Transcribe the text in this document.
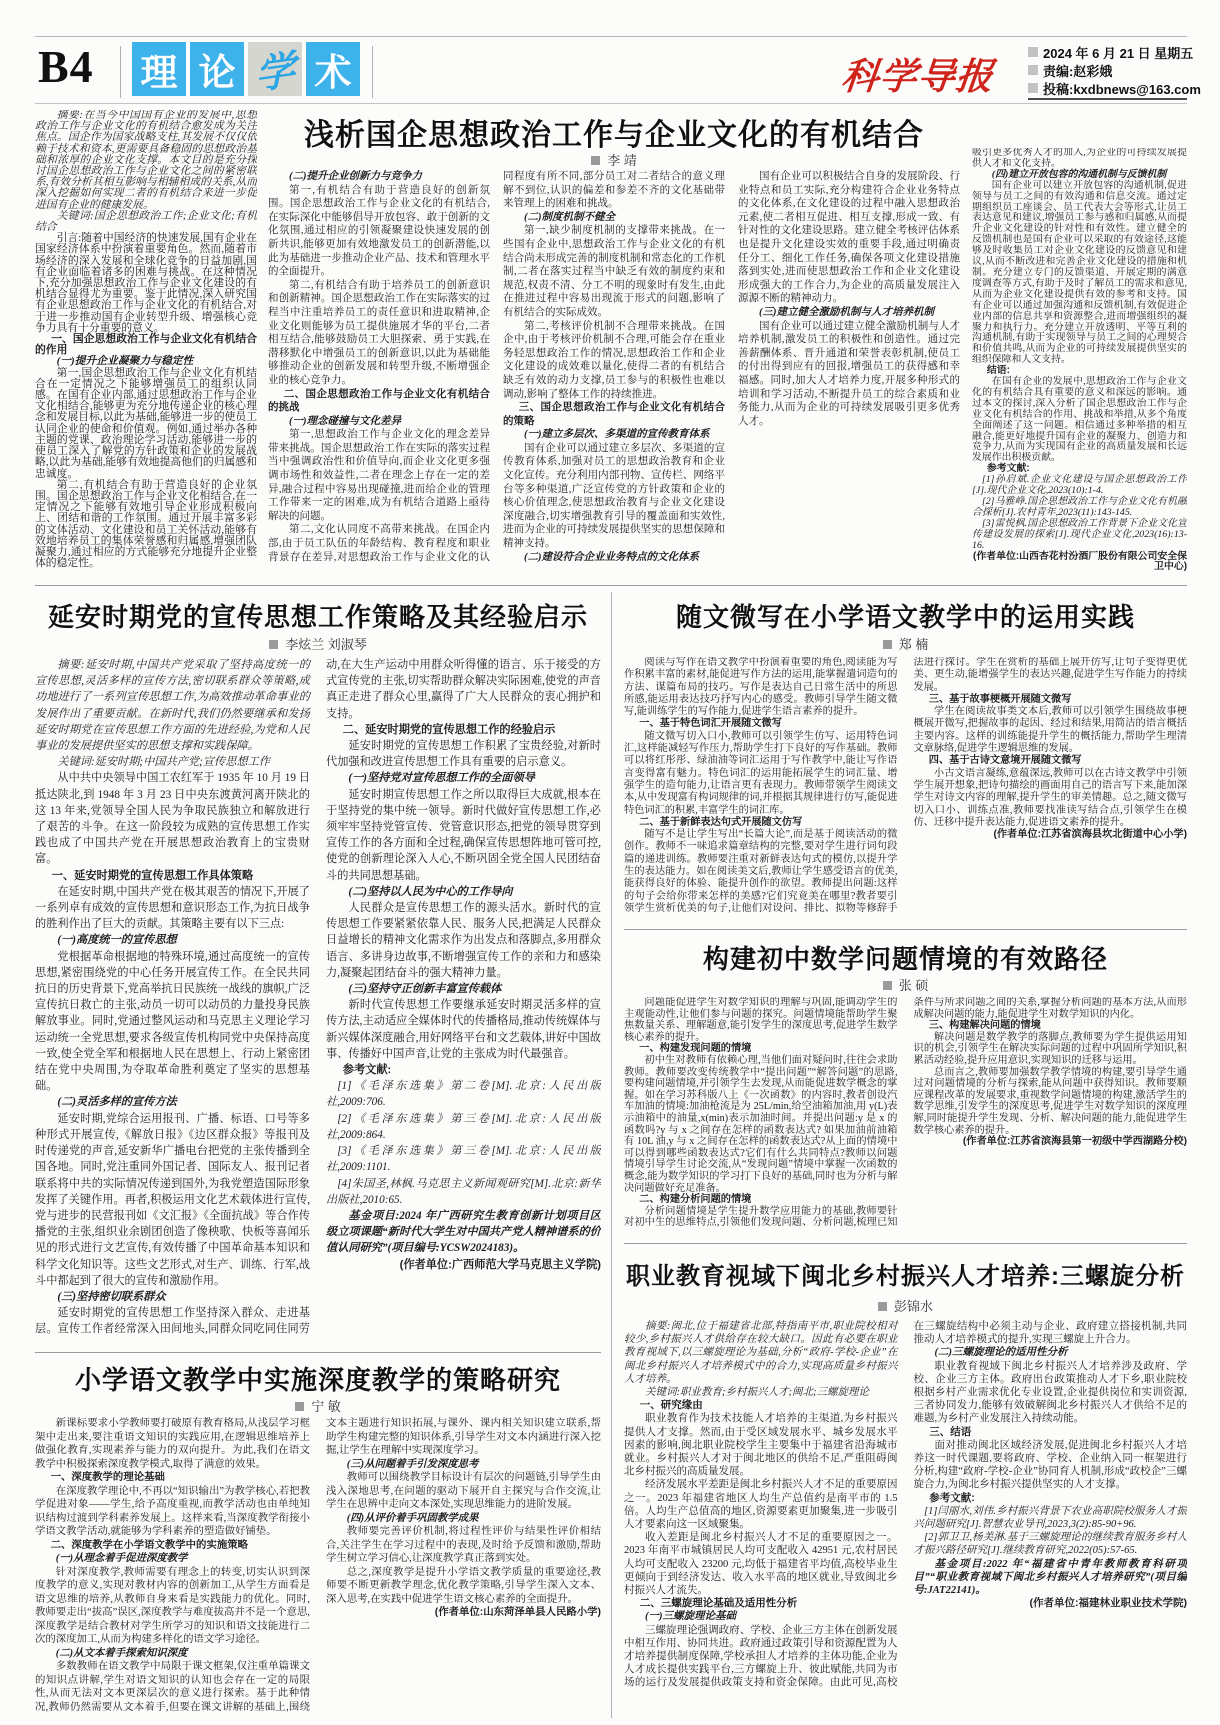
B4 理 论 学 术	科学导报
2024 年 6 月 21 日 星期五
责编:赵彩娥
投稿:kxdbnews@163.com

摘要:在当今中国国有企业的发展中,思想政治工作与企业文化的有机结合愈发成为关注焦点。国企作为国家战略支柱,其发展不仅仅依赖于技术和资本,更需要具备稳固的思想政治基础和浓厚的企业文化支撑。本文目的是充分探讨国企思想政治工作与企业文化之间的紧密联系,有效分析其相互影响与相辅相成的关系,从而深入挖掘如何实现二者的有机结合来进一步促进国有企业的健康发展。

关键词:国企思想政治工作;企业文化;有机结合

引言:随着中国经济的快速发展,国有企业在国家经济体系中扮演着重要角色。然而,随着市场经济的深入发展和全球化竞争的日益加剧,国有企业面临着诸多的困难与挑战。在这种情况下,充分加强思想政治工作与企业文化建设的有机结合显得尤为重要。鉴于此情况,深入研究国有企业思想政治工作与企业文化的有机结合,对于进一步推动国有企业转型升级、增强核心竞争力具有十分重要的意义。

一、国企思想政治工作与企业文化有机结合的作用

(一)提升企业凝聚力与稳定性

第一,国企思想政治工作与企业文化有机结合在一定情况之下能够增强员工的组织认同感。在国有企业内部,通过思想政治工作与企业文化相结合,能够更为充分地传递企业的核心理念和发展目标,以此为基础,能够进一步的使员工认同企业的使命和价值观。例如,通过举办各种主题的党课、政治理论学习活动,能够进一步的使员工深入了解党的方针政策和企业的发展战略,以此为基础,能够有效地提高他们的归属感和忠诚度。

第二,有机结合有助于营造良好的企业氛围。国企思想政治工作与企业文化相结合,在一定情况之下能够有效地引导企业形成积极向上、团结和谐的工作氛围。通过开展丰富多彩的文体活动、文化建设和员工关怀活动,能够有效地培养员工的集体荣誉感和归属感,增强团队凝聚力,通过相应的方式能够充分地提升企业整体的稳定性。

浅析国企思想政治工作与企业文化的有机结合
李 靖

(二)提升企业创新力与竞争力

第一,有机结合有助于营造良好的创新氛围。国企思想政治工作与企业文化的有机结合,在实际深化中能够倡导开放包容、敢于创新的文化氛围,通过相应的引领凝聚建设快速发展的创新共识,能够更加有效地激发员工的创新潜能,以此为基础进一步推动企业产品、技术和管理水平的全面提升。

第二,有机结合有助于培养员工的创新意识和创新精神。国企思想政治工作在实际落实的过程当中注重培养员工的责任意识和进取精神,企业文化则能够为员工提供施展才华的平台,二者相互结合,能够鼓励员工大胆探索、勇于实践,在潜移默化中增强员工的创新意识,以此为基础能够推动企业的创新发展和转型升级,不断增强企业的核心竞争力。

二、国企思想政治工作与企业文化有机结合的挑战

(一)理念碰撞与文化差异

第一,思想政治工作与企业文化的理念差异带来挑战。国企思想政治工作在实际的落实过程当中强调政治性和价值导向,而企业文化更多强调市场性和效益性,二者在理念上存在一定的差异,融合过程中容易出现碰撞,进而给企业的管理工作带来一定的困难,成为有机结合道路上亟待解决的问题。

第二,文化认同度不高带来挑战。在国企内部,由于员工队伍的年龄结构、教育程度和职业背景存在差异,对思想政治工作与企业文化的认同程度有所不同,部分员工对二者结合的意义理解不到位,认识的偏差和参差不齐的文化基础带来管理上的困难和挑战。

(二)制度机制不健全

第一,缺少制度机制的支撑带来挑战。在一些国有企业中,思想政治工作与企业文化的有机结合尚未形成完善的制度机制和常态化的工作机制,二者在落实过程当中缺乏有效的制度约束和规范,权责不清、分工不明的现象时有发生,由此在推进过程中容易出现流于形式的问题,影响了有机结合的实际成效。

第二,考核评价机制不合理带来挑战。在国企中,由于考核评价机制不合理,可能会存在重业务轻思想政治工作的情况,思想政治工作和企业文化建设的成效难以量化,使得二者的有机结合缺乏有效的动力支撑,员工参与的积极性也难以调动,影响了整体工作的持续推进。

三、国企思想政治工作与企业文化有机结合的策略

(一)建立多层次、多渠道的宣传教育体系

国有企业可以通过建立多层次、多渠道的宣传教育体系,加强对员工的思想政治教育和企业文化宣传。充分利用内部刊物、宣传栏、网络平台等多种渠道,广泛宣传党的方针政策和企业的核心价值理念,使思想政治教育与企业文化建设深度融合,切实增强教育引导的覆盖面和实效性,进而为企业的可持续发展提供坚实的思想保障和精神支持。

(二)建设符合企业业务特点的文化体系

国有企业可以积极结合自身的发展阶段、行业特点和员工实际,充分构建符合企业业务特点的文化体系,在文化建设的过程中融入思想政治元素,使二者相互促进、相互支撑,形成一致、有针对性的文化建设思路。建立健全考核评估体系也是提升文化建设实效的重要手段,通过明确责任分工、细化工作任务,确保各项文化建设措施落到实处,进而使思想政治工作和企业文化建设形成强大的工作合力,为企业的高质量发展注入源源不断的精神动力。

(三)建立健全激励机制与人才培养机制

国有企业可以通过建立健全激励机制与人才培养机制,激发员工的积极性和创造性。通过完善薪酬体系、晋升通道和荣誉表彰机制,使员工的付出得到应有的回报,增强员工的获得感和幸福感。同时,加大人才培养力度,开展多种形式的培训和学习活动,不断提升员工的综合素质和业务能力,从而为企业的可持续发展吸引更多优秀人才。

吸引更多优秀人才的加入,为企业的可持续发展提供人才和文化支持。

(四)建立开放包容的沟通机制与反馈机制

国有企业可以建立开放包容的沟通机制,促进领导与员工之间的有效沟通和信息交流。通过定期组织员工座谈会、员工代表大会等形式,让员工表达意见和建议,增强员工参与感和归属感,从而提升企业文化建设的针对性和有效性。建立健全的反馈机制也是国有企业可以采取的有效途径,这能够及时收集员工对企业文化建设的反馈意见和建议,从而不断改进和完善企业文化建设的措施和机制。充分建立专门的反馈渠道、开展定期的满意度调查等方式,有助于及时了解员工的需求和意见,从而为企业文化建设提供有效的参考和支持。国有企业可以通过加强沟通和反馈机制,有效促进企业内部的信息共享和资源整合,进而增强组织的凝聚力和执行力。充分建立开放透明、平等互利的沟通机制,有助于实现领导与员工之间的心理契合和价值共鸣,从而为企业的可持续发展提供坚实的组织保障和人文支持。

结语:

在国有企业的发展中,思想政治工作与企业文化的有机结合具有重要的意义和深远的影响。通过本文的探讨,深入分析了国企思想政治工作与企业文化有机结合的作用、挑战和举措,从多个角度全面阐述了这一问题。相信通过多种举措的相互融合,能更好地提升国有企业的凝聚力、创造力和竞争力,从而为实现国有企业的高质量发展和长远发展作出积极贡献。

参考文献:

[1]孙启斌.企业文化建设与国企思想政治工作[J].现代企业文化,2023(10):1-4.

[2]马雅峥.国企思想政治工作与企业文化有机融合探析[J].农村青年,2023(11):143-145.

[3]雷悦枫.国企思想政治工作背景下企业文化宣传建设发展的探索[J].现代企业文化,2023(16):13-16.

(作者单位:山西杏花村汾酒厂股份有限公司安全保卫中心)

延安时期党的宣传思想工作策略及其经验启示
李炫兰 刘淑琴

摘要:延安时期,中国共产党采取了坚持高度统一的宣传思想,灵活多样的宣传方法,密切联系群众等策略,成功地进行了一系列宣传思想工作,为高效推动革命事业的发展作出了重要贡献。在新时代,我们仍然要继承和发扬延安时期党在宣传思想工作方面的先进经验,为党和人民事业的发展提供坚实的思想支撑和实践保障。

关键词:延安时期;中国共产党;宣传思想工作

从中共中央领导中国工农红军于 1935 年 10 月 19 日抵达陕北,到 1948 年 3 月 23 日中央东渡黄河离开陕北的这 13 年来,党领导全国人民为争取民族独立和解放进行了艰苦的斗争。在这一阶段较为成熟的宣传思想工作实践也成了中国共产党在开展思想政治教育上的宝贵财富。

一、延安时期党的宣传思想工作具体策略

在延安时期,中国共产党在极其艰苦的情况下,开展了一系列卓有成效的宣传思想和意识形态工作,为抗日战争的胜利作出了巨大的贡献。其策略主要有以下三点:

(一)高度统一的宣传思想

党根据革命根据地的特殊环境,通过高度统一的宣传思想,紧密围绕党的中心任务开展宣传工作。在全民共同抗日的历史背景下,党高举抗日民族统一战线的旗帜,广泛宣传抗日救亡的主张,动员一切可以动员的力量投身民族解放事业。同时,党通过整风运动和马克思主义理论学习运动统一全党思想,要求各级宣传机构同党中央保持高度一致,使全党全军和根据地人民在思想上、行动上紧密团结在党中央周围,为夺取革命胜利奠定了坚实的思想基础。

(二)灵活多样的宣传方法

延安时期,党综合运用报刊、广播、标语、口号等多种形式开展宣传,《解放日报》《边区群众报》等报刊及时传递党的声音,延安新华广播电台把党的主张传播到全国各地。同时,党注重同外国记者、国际友人、报刊记者联系将中共的实际情况传递到国外,为我党塑造国际形象发挥了关键作用。再者,积极运用文化艺术载体进行宣传,党与进步的民营报刊如《文汇报》《全面抗战》等合作传播党的主张,组织业余剧团创造了像秧歌、快板等喜闻乐见的形式进行文艺宣传,有效传播了中国革命基本知识和科学文化知识等。这些文艺形式,对生产、训练、行军,战斗中都起到了很大的宣传和激励作用。

(三)坚持密切联系群众

延安时期党的宣传思想工作坚持深入群众、走进基层。宣传工作者经常深入田间地头,同群众同吃同住同劳动,在大生产运动中用群众听得懂的语言、乐于接受的方式宣传党的主张,切实帮助群众解决实际困难,使党的声音真正走进了群众心里,赢得了广大人民群众的衷心拥护和支持。

二、延安时期党的宣传思想工作的经验启示

延安时期党的宣传思想工作积累了宝贵经验,对新时代加强和改进宣传思想工作具有重要的启示意义。

(一)坚持党对宣传思想工作的全面领导

延安时期宣传思想工作之所以取得巨大成就,根本在于坚持党的集中统一领导。新时代做好宣传思想工作,必须牢牢坚持党管宣传、党管意识形态,把党的领导贯穿到宣传工作的各方面和全过程,确保宣传思想阵地可管可控,使党的创新理论深入人心,不断巩固全党全国人民团结奋斗的共同思想基础。

(二)坚持以人民为中心的工作导向

人民群众是宣传思想工作的源头活水。新时代的宣传思想工作要紧紧依靠人民、服务人民,把满足人民群众日益增长的精神文化需求作为出发点和落脚点,多用群众语言、多讲身边故事,不断增强宣传工作的亲和力和感染力,凝聚起团结奋斗的强大精神力量。

(三)坚持守正创新丰富宣传载体

新时代宣传思想工作要继承延安时期灵活多样的宣传方法,主动适应全媒体时代的传播格局,推动传统媒体与新兴媒体深度融合,用好网络平台和文艺载体,讲好中国故事、传播好中国声音,让党的主张成为时代最强音。

参考文献:

[1]《毛泽东选集》第二卷[M].北京:人民出版社,2009:706.

[2]《毛泽东选集》第三卷[M].北京:人民出版社,2009:864.

[3]《毛泽东选集》第三卷[M].北京:人民出版社,2009:1101.

[4]朱国圣,林枫.马克思主义新闻观研究[M].北京:新华出版社,2010:65.

基金项目:2024 年广西研究生教育创新计划项目区级立项课题“新时代大学生对中国共产党人精神谱系的价值认同研究”(项目编号:YCSW2024183)。

(作者单位:广西师范大学马克思主义学院)

小学语文教学中实施深度教学的策略研究
宁 敏

新课标要求小学教师要打破原有教育格局,从浅层学习框架中走出来,要注重语文知识的实践应用,在逻辑思维培养上做强化教育,实现素养与能力的双向提升。为此,我们在语文教学中积极探索深度教学模式,取得了满意的效果。

一、深度教学的理论基础

在深度教学理论中,不再以“知识输出”为教学核心,若把教学促进对象——学生,给予高度重视,而教学活动也由单纯知识结构过渡到学科素养发展上。这样来看,当深度教学衔接小学语文教学活动,就能够为学科素养的塑造做好铺垫。

二、深度教学在小学语文教学中的实施策略

(一)从理念着手促进深度教学

针对深度教学,教师需要有理念上的转变,切实认识到深度教学的意义,实现对教材内容的创新加工,从学生方面看是语文思维的培养,从教师自身来看是实践能力的优化。同时,教师要走出“拔高”误区,深度教学与难度拔高并不是一个意思,深度教学是结合教材对学生所学习的知识和语文技能进行二次的深度加工,从而为构建多样化的语文学习途径。

(二)从文本着手探索知识深度

多数教师在语文教学中局限于课文框架,仅注重单篇课文的知识点讲解,学生对语文知识的认知也会存在一定的局限性,从而无法对文本更深层次的意义进行探索。基于此种情况,教师仍然需要从文本着手,但要在课文讲解的基础上,围绕文本主题进行知识拓展,与课外、课内相关知识建立联系,帮助学生构建完整的知识体系,引导学生对文本内涵进行深入挖掘,让学生在理解中实现深度学习。

(三)从问题着手引发深度思考

教师可以围绕教学目标设计有层次的问题链,引导学生由浅入深地思考,在问题的驱动下展开自主探究与合作交流,让学生在思辨中走向文本深处,实现思维能力的进阶发展。

(四)从评价着手巩固教学成果

教师要完善评价机制,将过程性评价与结果性评价相结合,关注学生在学习过程中的表现,及时给予反馈和激励,帮助学生树立学习信心,让深度教学真正落到实处。

总之,深度教学是提升小学语文教学质量的重要途径,教师要不断更新教学理念,优化教学策略,引导学生深入文本、深入思考,在实践中促进学生语文核心素养的全面提升。

(作者单位:山东菏泽单县人民路小学)

随文微写在小学语文教学中的运用实践
郑 楠

阅读与写作在语文教学中扮演着重要的角色,阅读能为写作积累丰富的素材,能促进写作方法的运用,能掌握遣词造句的方法、谋篇布局的技巧。写作是表达自己日常生活中的所思所感,能运用表达技巧抒写内心的感受。教师引导学生随文微写,能训练学生的写作能力,促进学生语言素养的提升。

一、基于特色词汇开展随文微写

随文微写切入口小,教师可以引领学生仿写、运用特色词汇,这样能减轻写作压力,帮助学生打下良好的写作基础。教师可以将红彤彤、绿油油等词汇运用于写作教学中,能让写作语言变得富有魅力。特色词汇的运用能拓展学生的词汇量、增强学生的造句能力,让语言更有表现力。教师带领学生阅读文本,从中发现富有构词规律的词,并根据其规律进行仿写,能促进特色词汇的积累,丰富学生的词汇库。

二、基于新鲜表达句式开展随文仿写

随写不是让学生写出“长篇大论”,而是基于阅读活动的微创作。教师不一味追求篇章结构的完整,要对学生进行词句段篇的递进训练。教师要注重对新鲜表达句式的模仿,以提升学生的表达能力。如在阅读美文后,教师让学生感受语言的优美,能获得良好的体验、能提升创作的欲望。教师提出问题:这样的句子会给你带来怎样的美感?它们究竟美在哪里?教者要引领学生赏析优美的句子,让他们对设问、排比、拟物等修辞手法进行探讨。学生在赏析的基础上展开仿写,让句子变得更优美、更生动,能增强学生的表达兴趣,促进学生写作能力的持续发展。

三、基于故事梗概开展随文微写

学生在阅读故事类文本后,教师可以引领学生围绕故事梗概展开微写,把握故事的起因、经过和结果,用简洁的语言概括主要内容。这样的训练能提升学生的概括能力,帮助学生理清文章脉络,促进学生逻辑思维的发展。

四、基于古诗文意境开展随文微写

小古文语言凝练,意蕴深远,教师可以在古诗文教学中引领学生展开想象,把诗句描绘的画面用自己的语言写下来,能加深学生对诗文内容的理解,提升学生的审美情趣。总之,随文微写切入口小、训练点准,教师要找准读写结合点,引领学生在模仿、迁移中提升表达能力,促进语文素养的提升。

(作者单位:江苏省滨海县坎北街道中心小学)

构建初中数学问题情境的有效路径
张 硕

问题能促进学生对数学知识的理解与巩固,能调动学生的主观能动性,让他们参与问题的探究。问题情境能帮助学生聚焦数量关系、理解题意,能引发学生的深度思考,促进学生数学核心素养的提升。

一、构建发现问题的情境

初中生对教师有依赖心理,当他们面对疑问时,往往会求助教师。教师要改变传统教学中“提出问题”“解答问题”的思路,要构建问题情境,并引领学生去发现,从而能促进数学概念的掌握。如在学习苏科版八上《一次函数》的内容时,教者创设汽车加油的情境:加油枪流是为 25L/min,给空油箱加油,用 y(L)表示油箱中的油量,x(min)表示加油时间。并提出问题:y 是 x 的函数吗?y 与 x 之间存在怎样的函数表达式? 如果加油前油箱有 10L 油,y 与 x 之间存在怎样的函数表达式?从上面的情境中可以得到哪些函数表达式?它们有什么共同特点?教师以问题情境引导学生讨论交流,从“发现问题”情境中掌握一次函数的概念,能为数学知识的学习打下良好的基础,同时也为分析与解决问题做好充足准备。

二、构建分析问题的情境

分析问题情境是学生提升数学应用能力的基础,教师要针对初中生的思维特点,引领他们发现问题、分析问题,梳理已知条件与所求问题之间的关系,掌握分析问题的基本方法,从而形成解决问题的能力,能促进学生对数学知识的内化。

三、构建解决问题的情境

解决问题是数学教学的落脚点,教师要为学生提供运用知识的机会,引领学生在解决实际问题的过程中巩固所学知识,积累活动经验,提升应用意识,实现知识的迁移与运用。

总而言之,教师要加强数学教学情境的构建,要引导学生通过对问题情境的分析与探索,能从问题中获得知识。教师要顺应课程改革的发展要求,重视数学问题情境的构建,激活学生的数学思维,引发学生的深度思考,促进学生对数学知识的深度理解,同时能提升学生发现、分析、解决问题的能力,能促进学生数学核心素养的提升。

(作者单位:江苏省滨海县第一初级中学西湖路分校)

职业教育视域下闽北乡村振兴人才培养:三螺旋分析
彭锦水

摘要:闽北,位于福建省北部,特指南平市,职业院校相对较少,乡村振兴人才供给存在较大缺口。因此有必要在职业教育视域下,以三螺旋理论为基础,分析“政府-学校-企业”在闽北乡村振兴人才培养模式中的合力,实现高质量乡村振兴人才培养。

关键词:职业教育;乡村振兴人才;闽北;三螺旋理论

一、研究缘由

职业教育作为技术技能人才培养的主渠道,为乡村振兴提供人才支撑。然而,由于受区域发展水平、城乡发展水平因素的影响,闽北职业院校学生主要集中于福建省沿海城市就业。乡村振兴人才对于闽北地区的供给不足,严重阻碍闽北乡村振兴的高质量发展。

经济发展水平差距是闽北乡村振兴人才不足的重要原因之一。2023 年福建省地区人均生产总值约是南平市的 1.5 倍。人均生产总值高的地区,资源要素更加聚集,进一步吸引人才要素向这一区域聚集。

收入差距是闽北乡村振兴人才不足的重要原因之一。2023 年南平市城镇居民人均可支配收入 42951 元,农村居民人均可支配收入 23200 元,均低于福建省平均值,高校毕业生更倾向于到经济发达、收入水平高的地区就业,导致闽北乡村振兴人才流失。

二、三螺旋理论基础及适用性分析

(一)三螺旋理论基础

三螺旋理论强调政府、学校、企业三方主体在创新发展中相互作用、协同共进。政府通过政策引导和资源配置为人才培养提供制度保障,学校承担人才培养的主体功能,企业为人才成长提供实践平台,三方螺旋上升、彼此赋能,共同为市场的运行及发展提供政策支持和资金保障。由此可见,高校在三螺旋结构中必须主动与企业、政府建立搭接机制,共同推动人才培养模式的提升,实现三螺旋上升合力。

(二)三螺旋理论的适用性分析

职业教育视域下闽北乡村振兴人才培养涉及政府、学校、企业三方主体。政府出台政策推动人才下乡,职业院校根据乡村产业需求优化专业设置,企业提供岗位和实训资源,三者协同发力,能够有效破解闽北乡村振兴人才供给不足的难题,为乡村产业发展注入持续动能。

三、结语

面对推动闽北区域经济发展,促进闽北乡村振兴人才培养这一时代课题,要将政府、学校、企业纳入同一框架进行分析,构建“政府-学校-企业”协同育人机制,形成“政校企”三螺旋合力,为闽北乡村振兴提供坚实的人才支撑。

参考文献:

[1]闫丽水,刘伟.乡村振兴背景下农业高职院校服务人才振兴问题研究[J].智慧农业导刊,2023,3(2):85-90+96.

[2]郭卫卫,杨美淋.基于三螺旋理论的继续教育服务乡村人才振兴路径研究[J].继续教育研究,2022(05):57-65.

基金项目:2022 年“福建省中青年教师教育科研项目”“职业教育视域下闽北乡村振兴人才培养研究”(项目编号:JAT22141)。

(作者单位:福建林业职业技术学院)
